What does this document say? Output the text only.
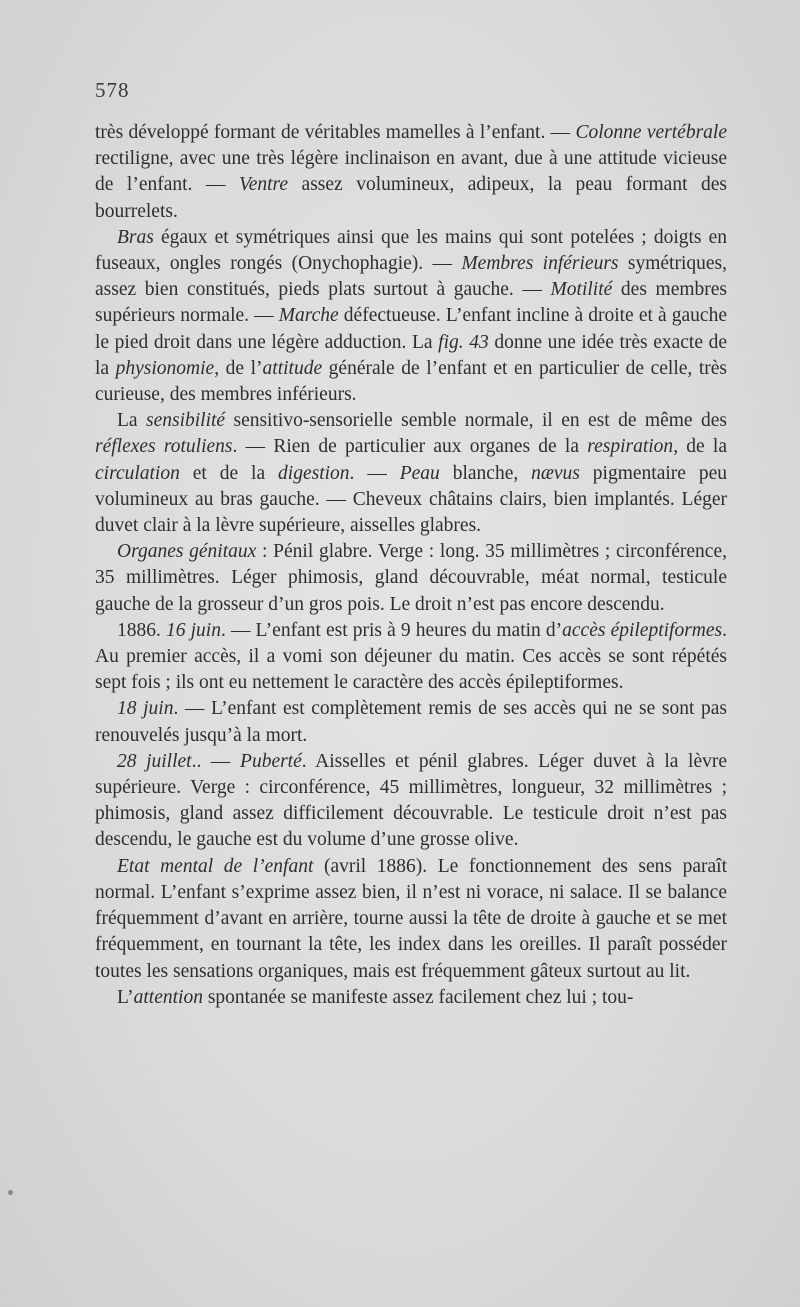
578

très développé formant de véritables mamelles à l’enfant. — Colonne vertébrale rectiligne, avec une très légère inclinaison en avant, due à une attitude vicieuse de l’enfant. — Ventre assez volumineux, adipeux, la peau formant des bourrelets.

Bras égaux et symétriques ainsi que les mains qui sont potelées ; doigts en fuseaux, ongles rongés (Onychophagie). — Membres inférieurs symétriques, assez bien constitués, pieds plats surtout à gauche. — Motilité des membres supérieurs normale. — Marche défectueuse. L’enfant incline à droite et à gauche le pied droit dans une légère adduction. La fig. 43 donne une idée très exacte de la physionomie, de l’attitude générale de l’enfant et en particulier de celle, très curieuse, des membres inférieurs.

La sensibilité sensitivo-sensorielle semble normale, il en est de même des réflexes rotuliens. — Rien de particulier aux organes de la respiration, de la circulation et de la digestion. — Peau blanche, nævus pigmentaire peu volumineux au bras gauche. — Cheveux châtains clairs, bien implantés. Léger duvet clair à la lèvre supérieure, aisselles glabres.

Organes génitaux : Pénil glabre. Verge : long. 35 millimètres ; circonférence, 35 millimètres. Léger phimosis, gland découvrable, méat normal, testicule gauche de la grosseur d’un gros pois. Le droit n’est pas encore descendu.

1886. 16 juin. — L’enfant est pris à 9 heures du matin d’accès épileptiformes. Au premier accès, il a vomi son déjeuner du matin. Ces accès se sont répétés sept fois ; ils ont eu nettement le caractère des accès épileptiformes.

18 juin. — L’enfant est complètement remis de ses accès qui ne se sont pas renouvelés jusqu’à la mort.

28 juillet.. — Puberté. Aisselles et pénil glabres. Léger duvet à la lèvre supérieure. Verge : circonférence, 45 millimètres, longueur, 32 millimètres ; phimosis, gland assez difficilement découvrable. Le testicule droit n’est pas descendu, le gauche est du volume d’une grosse olive.

Etat mental de l’enfant (avril 1886). Le fonctionnement des sens paraît normal. L’enfant s’exprime assez bien, il n’est ni vorace, ni salace. Il se balance fréquemment d’avant en arrière, tourne aussi la tête de droite à gauche et se met fréquemment, en tournant la tête, les index dans les oreilles. Il paraît posséder toutes les sensations organiques, mais est fréquemment gâteux surtout au lit.

L’attention spontanée se manifeste assez facilement chez lui ; tou-
